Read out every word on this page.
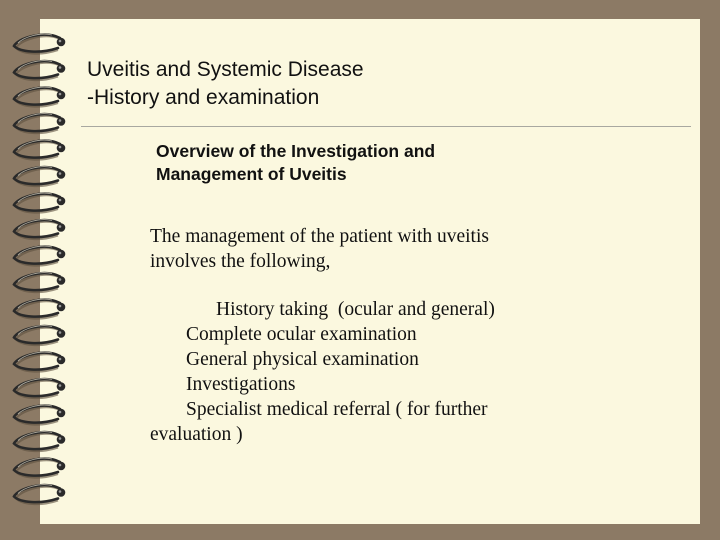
Uveitis and Systemic Disease
-History and examination
Overview of the Investigation and
Management of Uveitis
The management of the patient with uveitis
involves the following,
History taking  (ocular and general)
Complete ocular examination
General physical examination
Investigations
Specialist medical referral ( for further
evaluation )
